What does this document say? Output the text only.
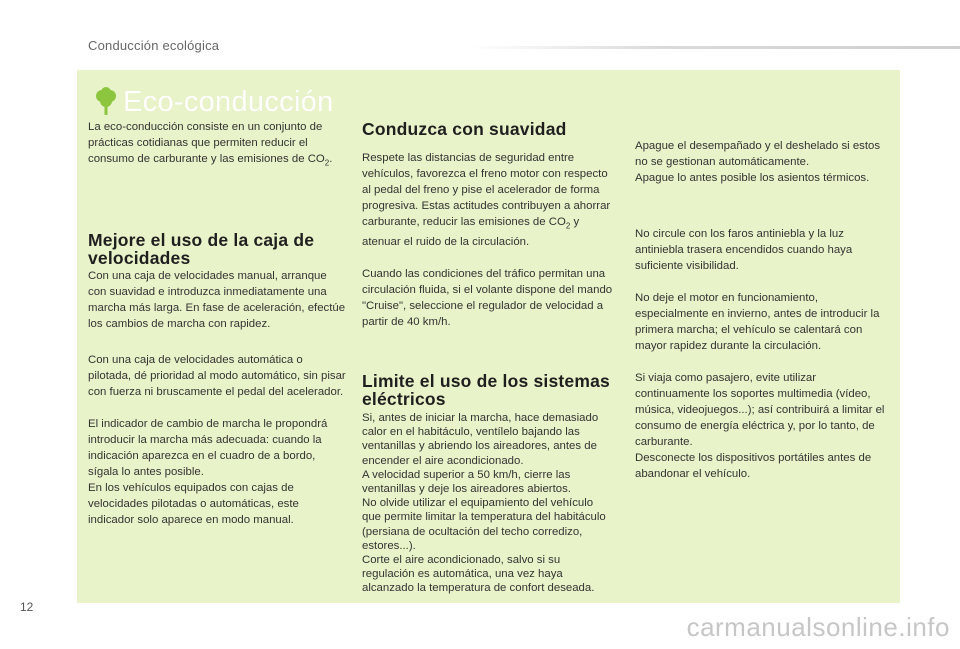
Conducción ecológica
Eco-conducción

La eco-conducción consiste en un conjunto de
prácticas cotidianas que permiten reducir el
consumo de carburante y las emisiones de $CO_2$.

Mejore el uso de la caja de velocidades

Con una caja de velocidades manual, arranque con suavidad e introduzca inmediatamente una marcha más larga. En fase de aceleración, efectúe los cambios de marcha con rapidez.

Con una caja de velocidades automática o pilotada, dé prioridad al modo automático, sin pisar con fuerza ni bruscamente el pedal del acelerador.

El indicador de cambio de marcha le propondrá introducir la marcha más adecuada: cuando la indicación aparezca en el cuadro de a bordo, sígala lo antes posible.

En los vehículos equipados con cajas de velocidades pilotadas o automáticas, este indicador solo aparece en modo manual.

Conduzca con suavidad

Respete las distancias de seguridad entre vehículos, favorezca el freno motor con respecto al pedal del freno y pise el acelerador de forma progresiva. Estas actitudes contribuyen a ahorrar carburante, reducir las emisiones de $CO_2$ y atenuar el ruido de la circulación.

Cuando las condiciones del tráfico permitan una circulación fluida, si el volante dispone del mando "Cruise", seleccione el regulador de velocidad a partir de 40 km/h.

Limite el uso de los sistemas eléctricos

Si, antes de iniciar la marcha, hace demasiado calor en el habitáculo, ventílelo bajando las ventanillas y abriendo los aireadores, antes de encender el aire acondicionado.

A velocidad superior a 50 km/h, cierre las ventanillas y deje los aireadores abiertos.

No olvide utilizar el equipamiento del vehículo que permite limitar la temperatura del habitáculo (persiana de ocultación del techo corredizo, estores...).

Corte el aire acondicionado, salvo si su regulación es automática, una vez haya alcanzado la temperatura de confort deseada.

Apague el desempañado y el deshelado si estos no se gestionan automáticamente.

Apague lo antes posible los asientos térmicos.

No circule con los faros antiniebla y la luz antiniebla trasera encendidos cuando haya suficiente visibilidad.

No deje el motor en funcionamiento, especialmente en invierno, antes de introducir la primera marcha; el vehículo se calentará con mayor rapidez durante la circulación.

Si viaja como pasajero, evite utilizar continuamente los soportes multimedia (vídeo, música, videojuegos...); así contribuirá a limitar el consumo de energía eléctrica y, por lo tanto, de carburante.

Desconecte los dispositivos portátiles antes de abandonar el vehículo.

12
carmanualsonline.info
